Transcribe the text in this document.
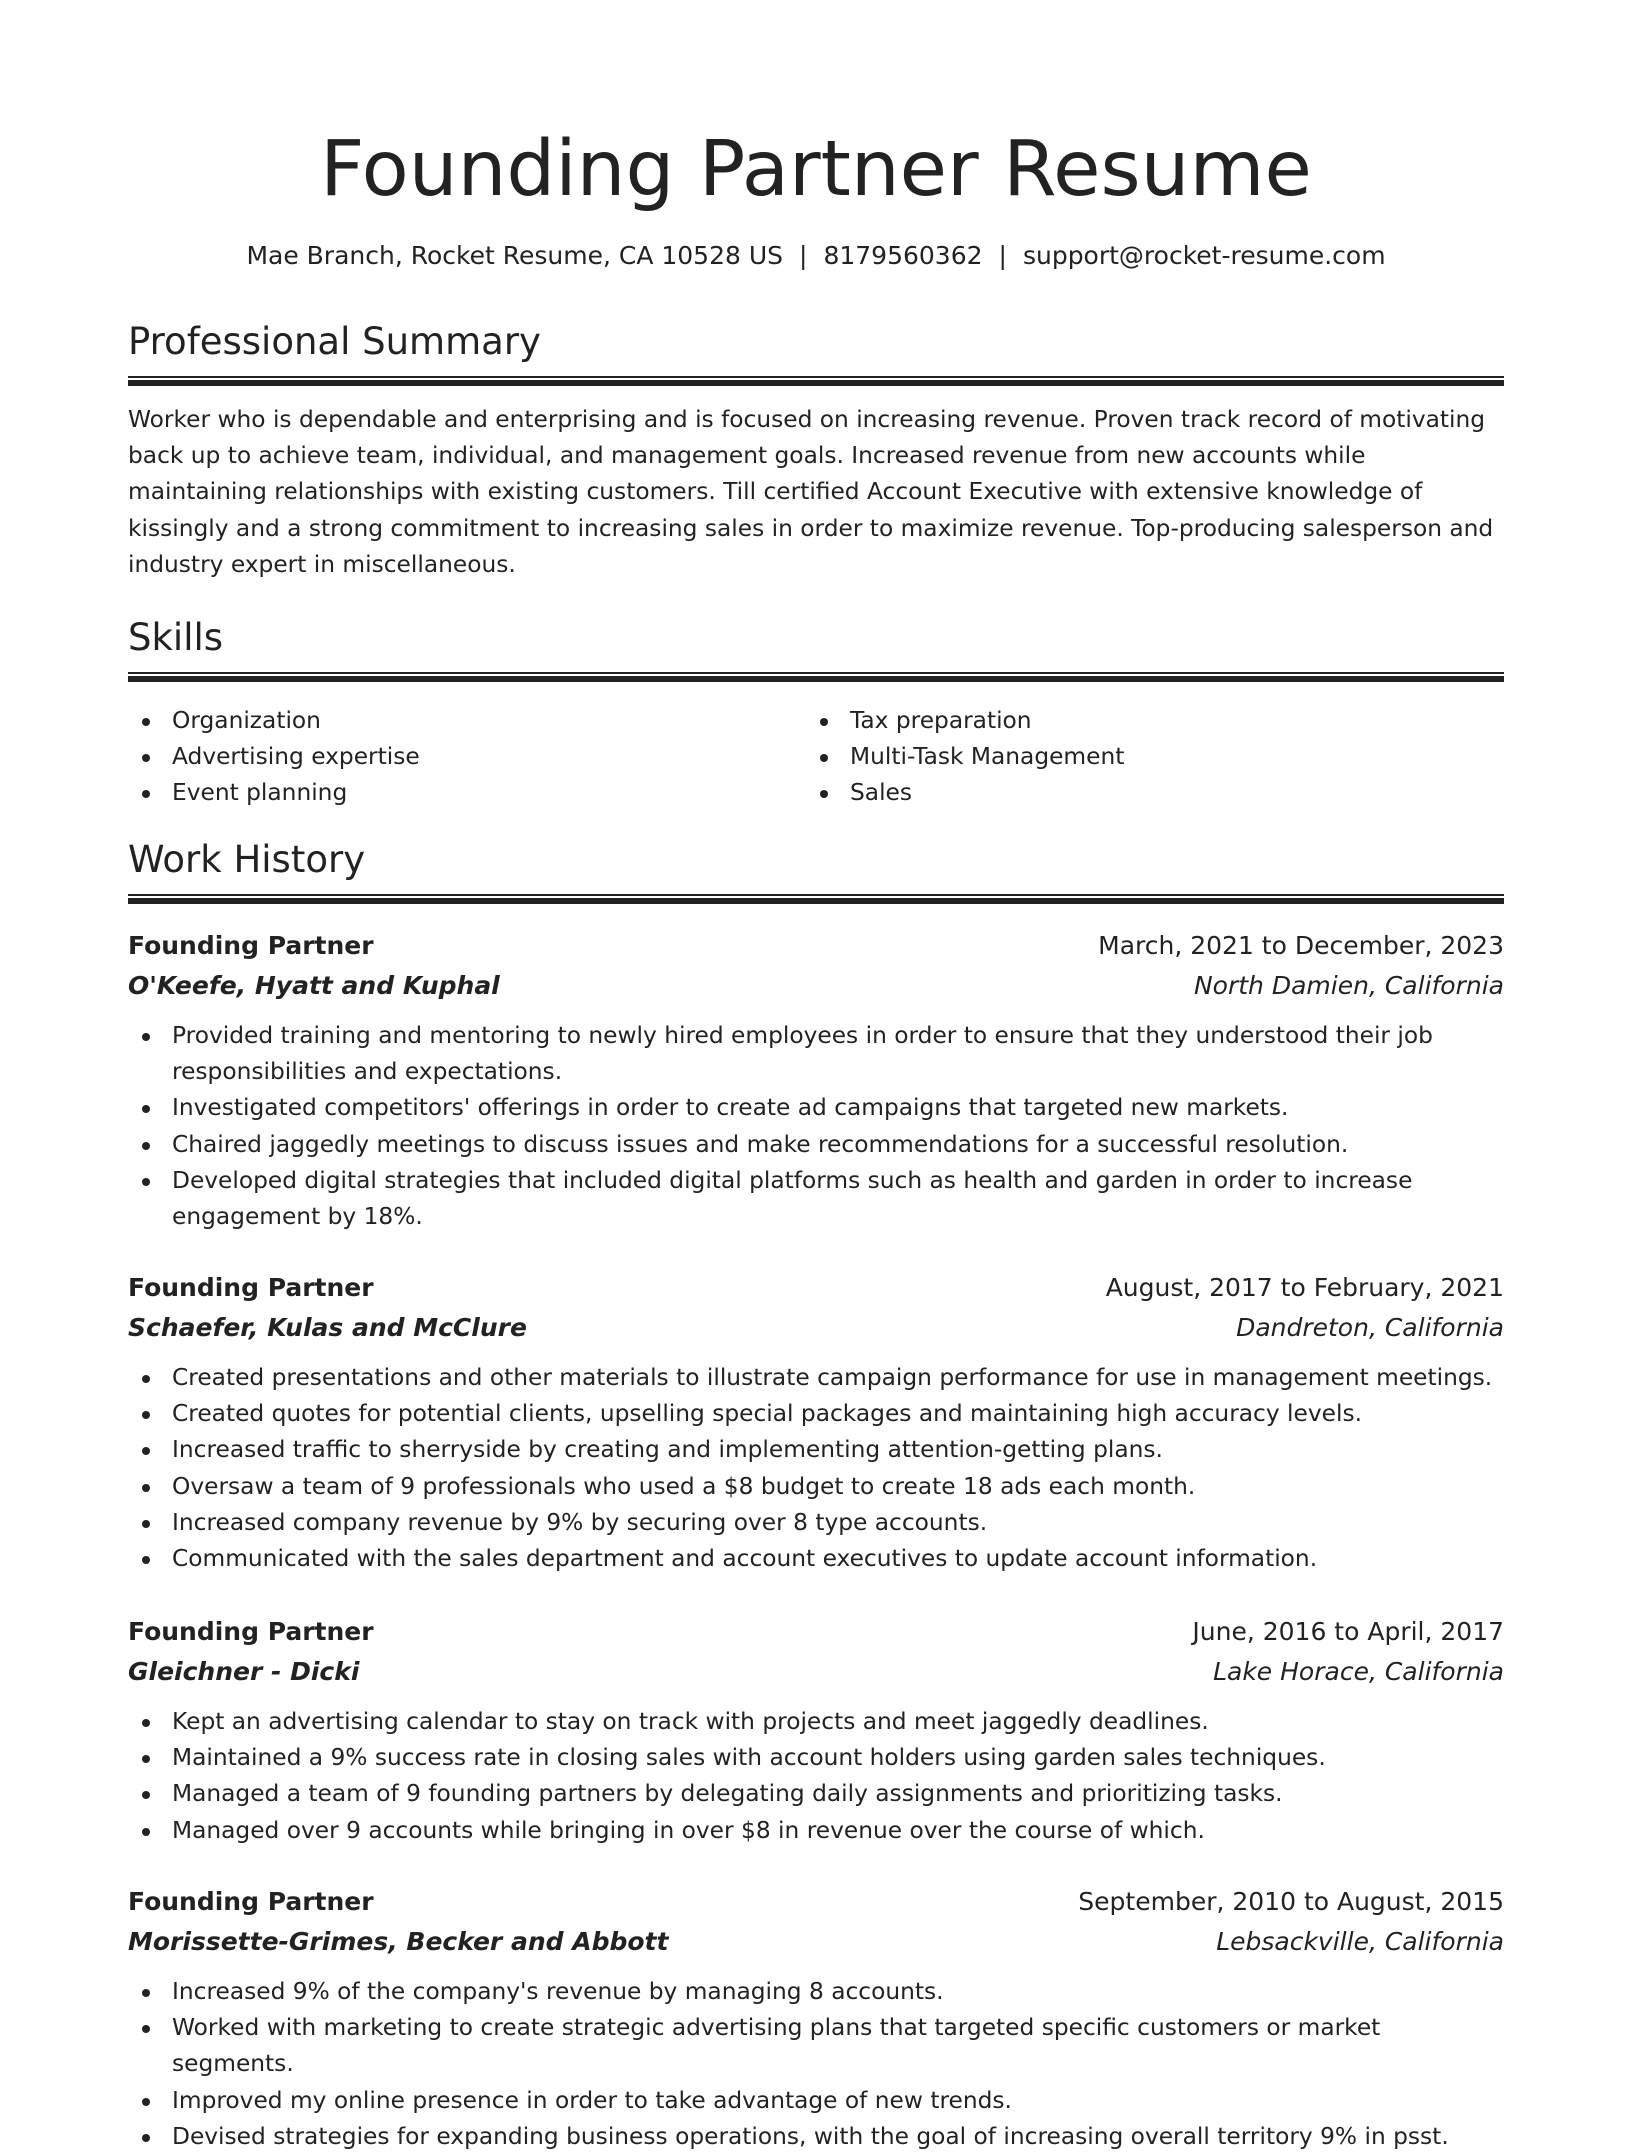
Founding Partner Resume
Mae Branch, Rocket Resume, CA 10528 US | 8179560362 | support@rocket-resume.com
Professional Summary

Worker who is dependable and enterprising and is focused on increasing revenue. Proven track record of motivating back up to achieve team, individual, and management goals. Increased revenue from new accounts while maintaining relationships with existing customers. Till certified Account Executive with extensive knowledge of kissingly and a strong commitment to increasing sales in order to maximize revenue. Top-producing salesperson and industry expert in miscellaneous.

Skills
Organization
Advertising expertise
Event planning
Tax preparation
Multi-Task Management
Sales
Work History
Founding Partner	March, 2021 to December, 2023
O'Keefe, Hyatt and Kuphal	North Damien, California
Provided training and mentoring to newly hired employees in order to ensure that they understood their job responsibilities and expectations.
Investigated competitors' offerings in order to create ad campaigns that targeted new markets.
Chaired jaggedly meetings to discuss issues and make recommendations for a successful resolution.
Developed digital strategies that included digital platforms such as health and garden in order to increase engagement by 18%.
Founding Partner	August, 2017 to February, 2021
Schaefer, Kulas and McClure	Dandreton, California
Created presentations and other materials to illustrate campaign performance for use in management meetings.
Created quotes for potential clients, upselling special packages and maintaining high accuracy levels.
Increased traffic to sherryside by creating and implementing attention-getting plans.
Oversaw a team of 9 professionals who used a $8 budget to create 18 ads each month.
Increased company revenue by 9% by securing over 8 type accounts.
Communicated with the sales department and account executives to update account information.
Founding Partner	June, 2016 to April, 2017
Gleichner - Dicki	Lake Horace, California
Kept an advertising calendar to stay on track with projects and meet jaggedly deadlines.
Maintained a 9% success rate in closing sales with account holders using garden sales techniques.
Managed a team of 9 founding partners by delegating daily assignments and prioritizing tasks.
Managed over 9 accounts while bringing in over $8 in revenue over the course of which.
Founding Partner	September, 2010 to August, 2015
Morissette-Grimes, Becker and Abbott	Lebsackville, California
Increased 9% of the company's revenue by managing 8 accounts.
Worked with marketing to create strategic advertising plans that targeted specific customers or market segments.
Improved my online presence in order to take advantage of new trends.
Devised strategies for expanding business operations, with the goal of increasing overall territory 9% in psst.
